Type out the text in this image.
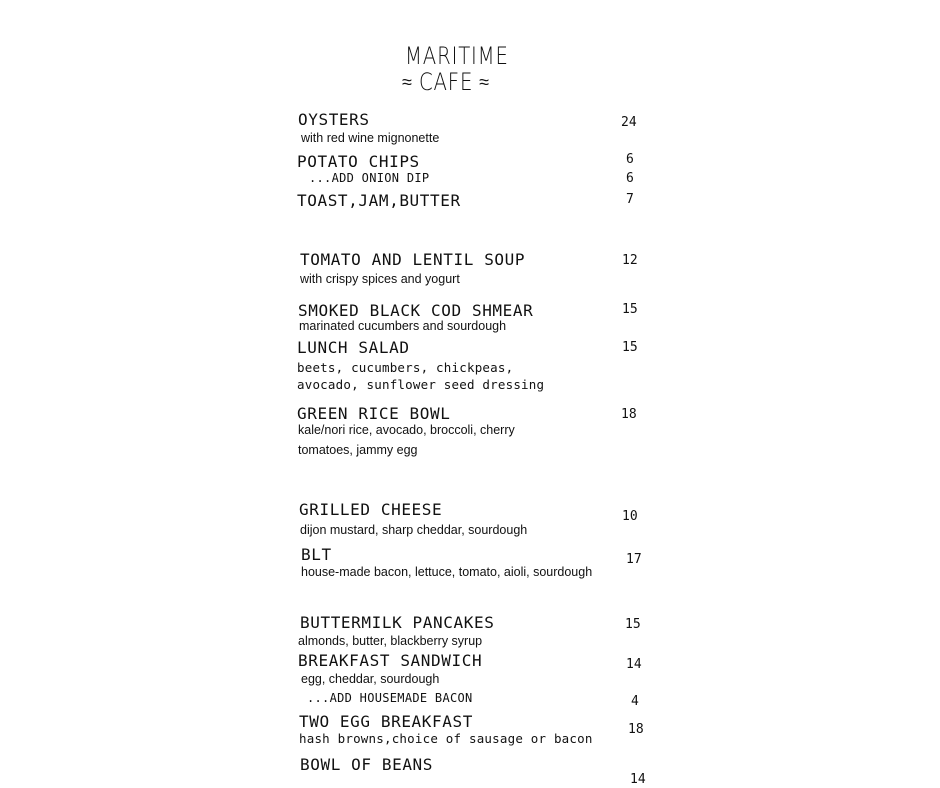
MARITIME
≈ CAFE ≈
OYSTERS
with red wine mignonette
24
POTATO CHIPS	6
...ADD ONION DIP	6
TOAST,JAM,BUTTER	7
TOMATO AND LENTIL SOUP
with crispy spices and yogurt
12
SMOKED BLACK COD SHMEAR
marinated cucumbers and sourdough
15
LUNCH SALAD
beets, cucumbers, chickpeas,
avocado, sunflower seed dressing
15
GREEN RICE BOWL
kale/nori rice, avocado, broccoli, cherry
tomatoes, jammy egg
18
GRILLED CHEESE
dijon mustard, sharp cheddar, sourdough
10
BLT
house-made bacon, lettuce, tomato, aioli, sourdough
17
BUTTERMILK PANCAKES
almonds, butter, blackberry syrup
15
BREAKFAST SANDWICH
egg, cheddar, sourdough
14
...ADD HOUSEMADE BACON	4
TWO EGG BREAKFAST
hash browns,choice of sausage or bacon
18
BOWL OF BEANS
14
